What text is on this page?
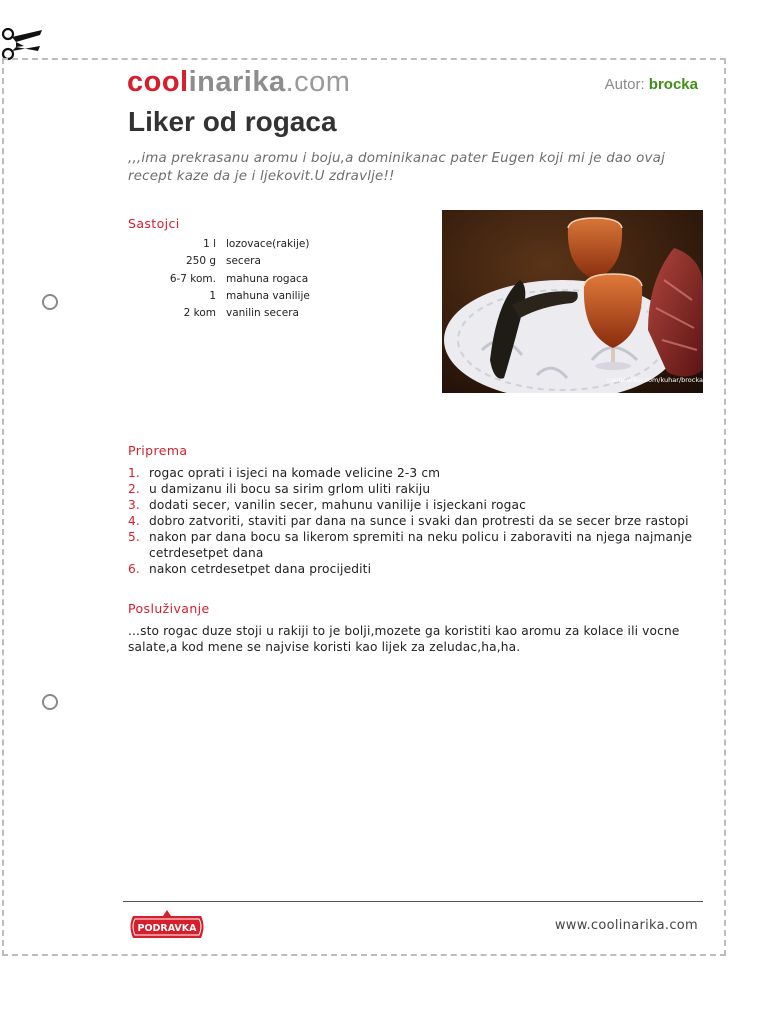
coolinarika.com	Autor: brocka
Liker od rogaca

,,,ima prekrasanu aromu i boju,a dominikanac pater Eugen koji mi je dao ovaj recept kaze da je i ljekovit.U zdravlje!!

Sastojci
1 l lozovace(rakije)
250 g secera
6-7 kom. mahuna rogaca
1 mahuna vanilije
2 kom vanilin secera
coolinarika.com/kuhar/brocka
Priprema
1. rogac oprati i isjeci na komade velicine 2-3 cm
2. u damizanu ili bocu sa sirim grlom uliti rakiju
3. dodati secer, vanilin secer, mahunu vanilije i isjeckani rogac
4. dobro zatvoriti, staviti par dana na sunce i svaki dan protresti da se secer brze rastopi
5. nakon par dana bocu sa likerom spremiti na neku policu i zaboraviti na njega najmanje cetrdesetpet dana
6. nakon cetrdesetpet dana procijediti
Posluživanje

...sto rogac duze stoji u rakiji to je bolji,mozete ga koristiti kao aromu za kolace ili vocne salate,a kod mene se najvise koristi kao lijek za zeludac,ha,ha.

PODRAVKA	www.coolinarika.com
